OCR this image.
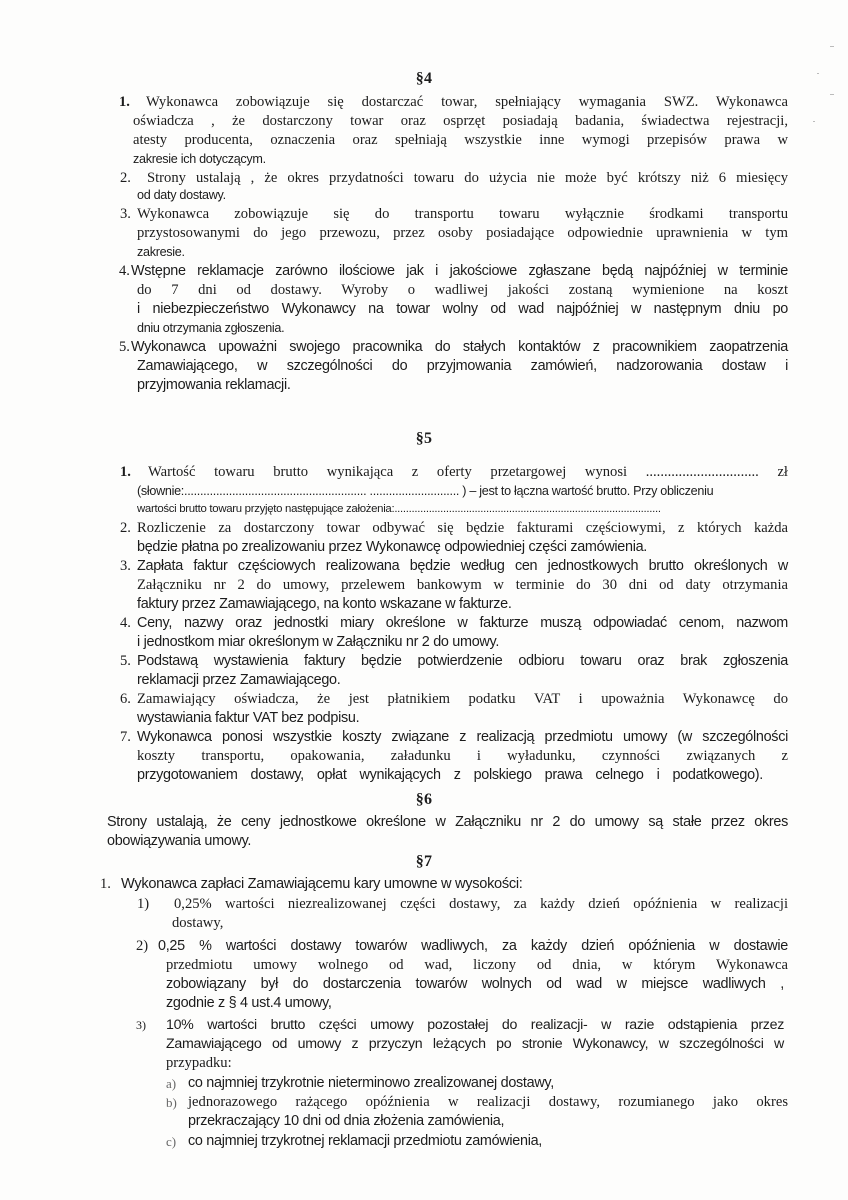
§4
1. Wykonawca zobowiązuje się dostarczać towar, spełniający wymagania SWZ. Wykonawca
oświadcza , że dostarczony towar oraz osprzęt posiadają badania, świadectwa rejestracji,
atesty producenta, oznaczenia oraz spełniają wszystkie inne wymogi przepisów prawa w
zakresie ich dotyczącym.
2. Strony ustalają , że okres przydatności towaru do użycia nie może być krótszy niż 6 miesięcy
od daty dostawy.
3. Wykonawca zobowiązuje się do transportu towaru wyłącznie środkami transportu
przystosowanymi do jego przewozu, przez osoby posiadające odpowiednie uprawnienia w tym
zakresie.
4. Wstępne reklamacje zarówno ilościowe jak i jakościowe zgłaszane będą najpóźniej w terminie
do 7 dni od dostawy. Wyroby o wadliwej jakości zostaną wymienione na koszt
i niebezpieczeństwo Wykonawcy na towar wolny od wad najpóźniej w następnym dniu po
dniu otrzymania zgłoszenia.
5. Wykonawca upoważni swojego pracownika do stałych kontaktów z pracownikiem zaopatrzenia
Zamawiającego, w szczególności do przyjmowania zamówień, nadzorowania dostaw i
przyjmowania reklamacji.
§5
1. Wartość towaru brutto wynikająca z oferty przetargowej wynosi ............................... zł
(słownie:......................................................... ............................ ) – jest to łączna wartość brutto. Przy obliczeniu
wartości brutto towaru przyjęto następujące założenia:.............................................................................................
2. Rozliczenie za dostarczony towar odbywać się będzie fakturami częściowymi, z których każda
będzie płatna po zrealizowaniu przez Wykonawcę odpowiedniej części zamówienia.
3. Zapłata faktur częściowych realizowana będzie według cen jednostkowych brutto określonych w
Załączniku nr 2 do umowy, przelewem bankowym w terminie do 30 dni od daty otrzymania
faktury przez Zamawiającego, na konto wskazane w fakturze.
4. Ceny, nazwy oraz jednostki miary określone w fakturze muszą odpowiadać cenom, nazwom
i jednostkom miar określonym w Załączniku nr 2 do umowy.
5. Podstawą wystawienia faktury będzie potwierdzenie odbioru towaru oraz brak zgłoszenia
reklamacji przez Zamawiającego.
6. Zamawiający oświadcza, że jest płatnikiem podatku VAT i upoważnia Wykonawcę do
wystawiania faktur VAT bez podpisu.
7. Wykonawca ponosi wszystkie koszty związane z realizacją przedmiotu umowy (w szczególności
koszty transportu, opakowania, załadunku i wyładunku, czynności związanych z
przygotowaniem dostawy, opłat wynikających z polskiego prawa celnego i podatkowego).
§6
Strony ustalają, że ceny jednostkowe określone w Załączniku nr 2 do umowy są stałe przez okres
obowiązywania umowy.
§7
1. Wykonawca zapłaci Zamawiającemu kary umowne w wysokości:
1) 0,25% wartości niezrealizowanej części dostawy, za każdy dzień opóźnienia w realizacji
dostawy,
2) 0,25 % wartości dostawy towarów wadliwych, za każdy dzień opóźnienia w dostawie
przedmiotu umowy wolnego od wad, liczony od dnia, w którym Wykonawca
zobowiązany był do dostarczenia towarów wolnych od wad w miejsce wadliwych ,
zgodnie z § 4 ust.4 umowy,
3) 10% wartości brutto części umowy pozostałej do realizacji- w razie odstąpienia przez
Zamawiającego od umowy z przyczyn leżących po stronie Wykonawcy, w szczególności w
przypadku:
a) co najmniej trzykrotnie nieterminowo zrealizowanej dostawy,
b) jednorazowego rażącego opóźnienia w realizacji dostawy, rozumianego jako okres
przekraczający 10 dni od dnia złożenia zamówienia,
c) co najmniej trzykrotnej reklamacji przedmiotu zamówienia,
